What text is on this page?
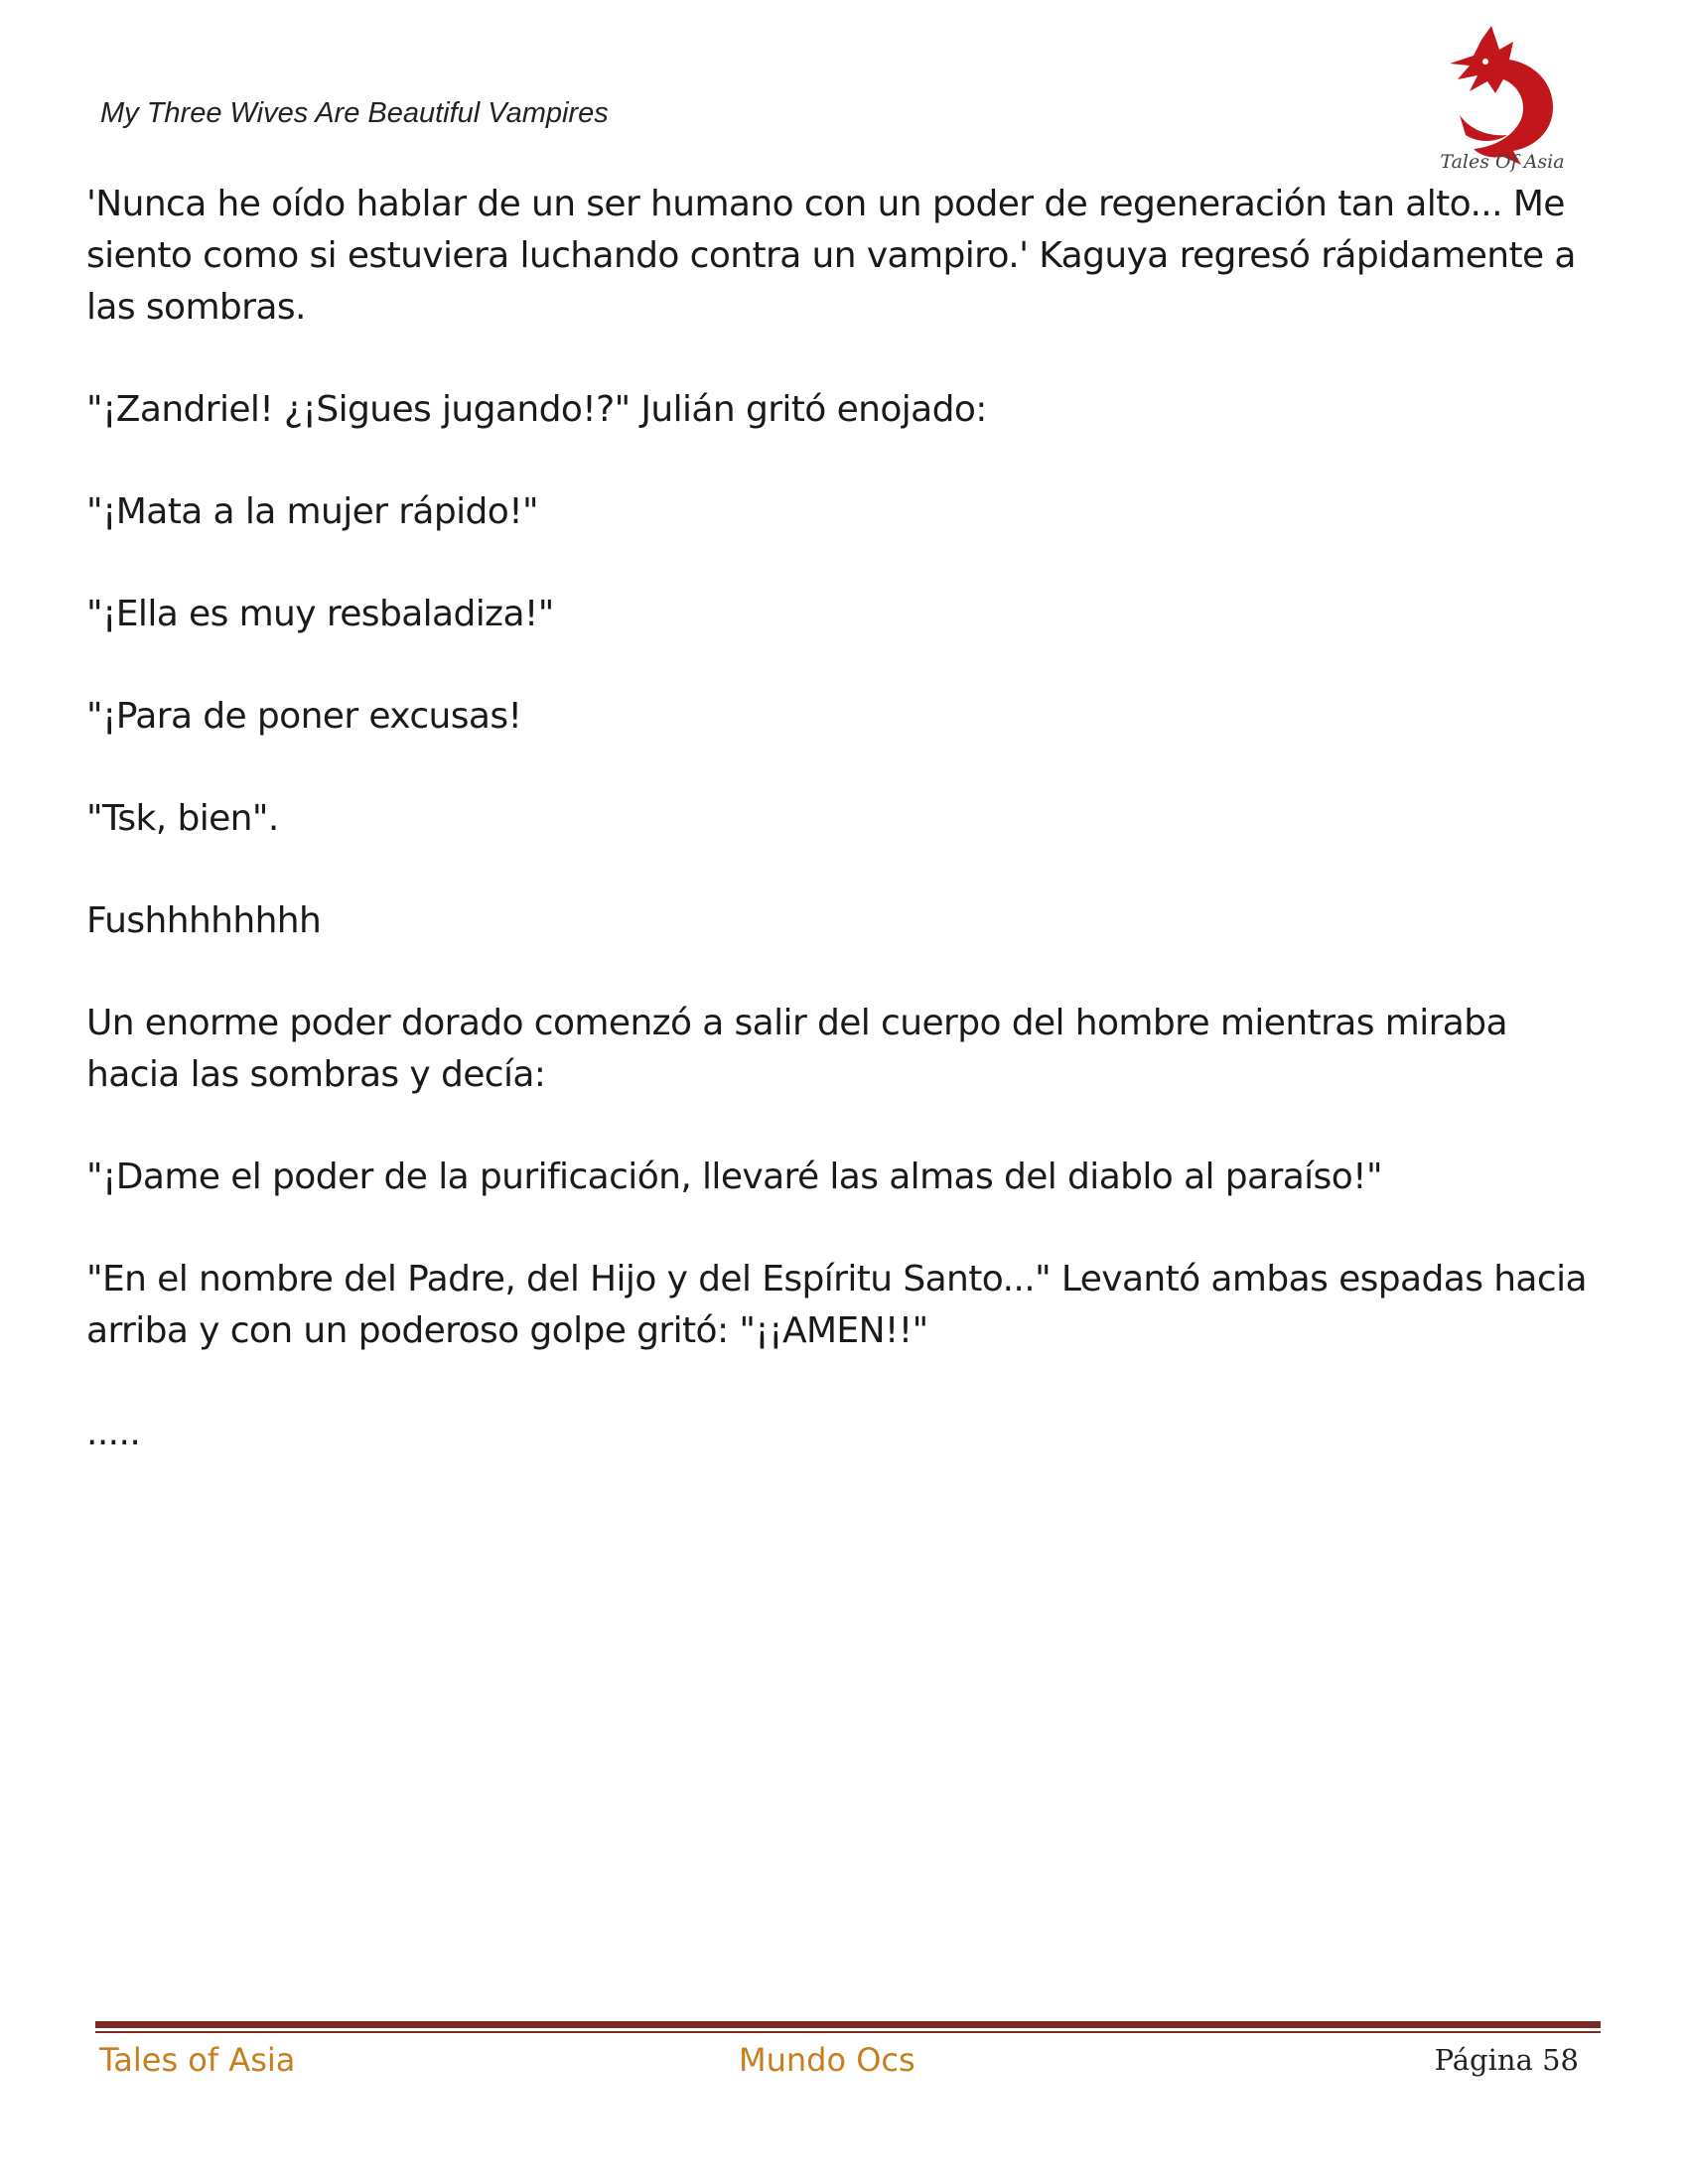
My Three Wives Are Beautiful Vampires
Tales Of Asia

'Nunca he oído hablar de un ser humano con un poder de regeneración tan alto... Me siento como si estuviera luchando contra un vampiro.' Kaguya regresó rápidamente a las sombras.

"¡Zandriel! ¿¡Sigues jugando!?" Julián gritó enojado:

"¡Mata a la mujer rápido!"

"¡Ella es muy resbaladiza!"

"¡Para de poner excusas!

"Tsk, bien".

Fushhhhhhhh

Un enorme poder dorado comenzó a salir del cuerpo del hombre mientras miraba hacia las sombras y decía:

"¡Dame el poder de la purificación, llevaré las almas del diablo al paraíso!"

"En el nombre del Padre, del Hijo y del Espíritu Santo..." Levantó ambas espadas hacia arriba y con un poderoso golpe gritó: "¡¡AMEN!!"

.....

Tales of Asia	Mundo Ocs	Página 58
